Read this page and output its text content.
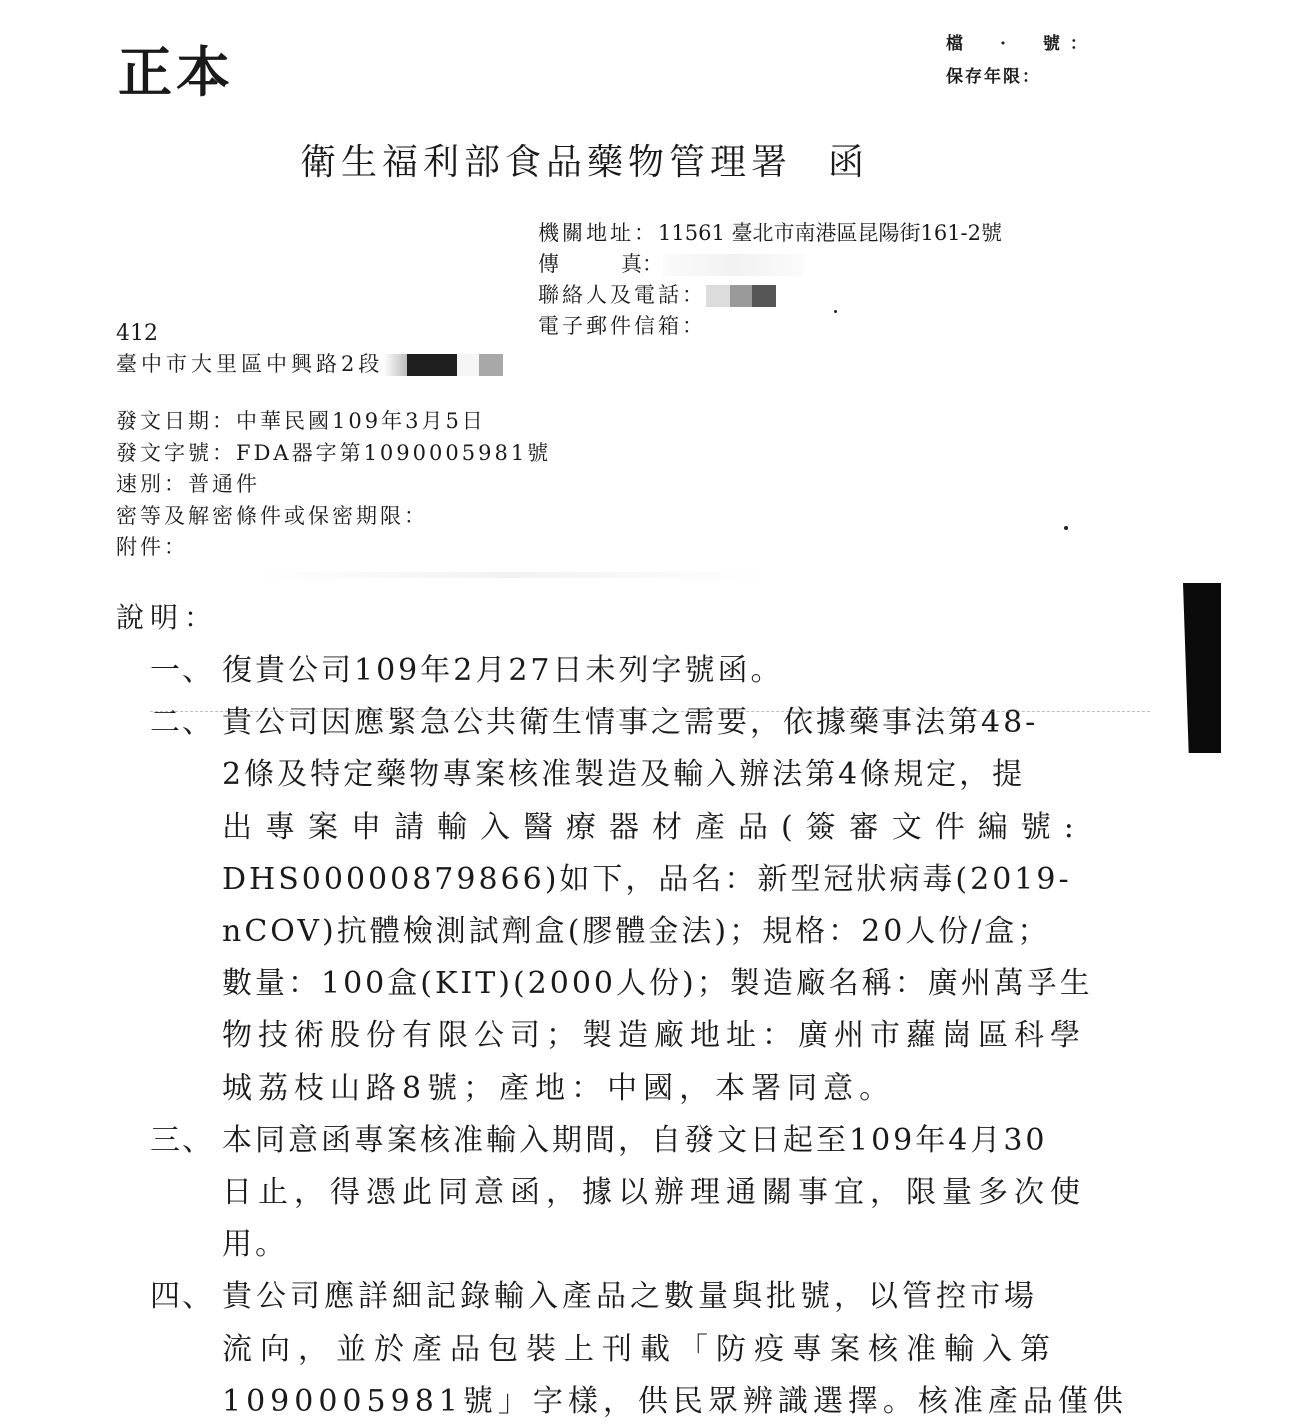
正本	檔　·　號：
保存年限：
衛生福利部食品藥物管理署 函
機關地址： 11561 臺北市南港區昆陽街161-2號
傳	真：
聯絡人及電話：
電子郵件信箱：
412
臺中市大里區中興路2段
發文日期：中華民國109年3月5日
發文字號：FDA器字第1090005981號
速別：普通件
密等及解密條件或保密期限：
附件：
說明：
一、 復貴公司109年2月27日未列字號函。
二、 貴公司因應緊急公共衛生情事之需要，依據藥事法第48-
2條及特定藥物專案核准製造及輸入辦法第4條規定，提
出專案申請輸入醫療器材產品(簽審文件編號:
DHS00000879866)如下，品名：新型冠狀病毒(2019-
nCOV)抗體檢測試劑盒(膠體金法)；規格：20人份/盒；
數量：100盒(KIT)(2000人份)；製造廠名稱：廣州萬孚生
物技術股份有限公司；製造廠地址：廣州市蘿崗區科學
城荔枝山路8號；產地：中國，本署同意。
三、 本同意函專案核准輸入期間，自發文日起至109年4月30
日止，得憑此同意函，據以辦理通關事宜，限量多次使
用。
四、 貴公司應詳細記錄輸入產品之數量與批號，以管控市場
流向，並於產品包裝上刊載「防疫專案核准輸入第
1090005981號」字樣，供民眾辨識選擇。核准產品僅供
